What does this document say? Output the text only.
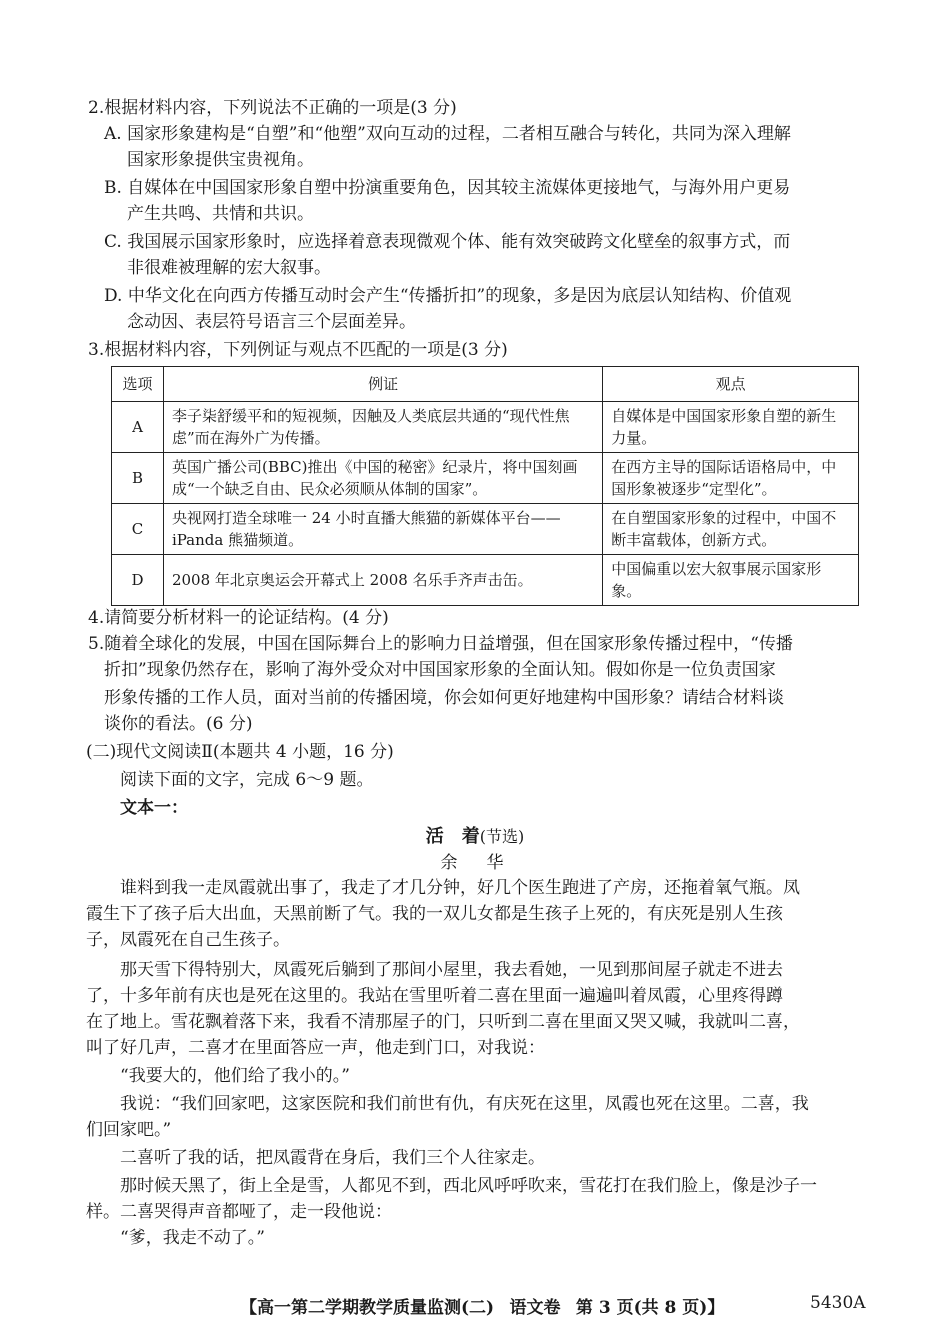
2.根据材料内容，下列说法不正确的一项是(3 分)
A. 国家形象建构是“自塑”和“他塑”双向互动的过程，二者相互融合与转化，共同为深入理解
国家形象提供宝贵视角。
B. 自媒体在中国国家形象自塑中扮演重要角色，因其较主流媒体更接地气，与海外用户更易
产生共鸣、共情和共识。
C. 我国展示国家形象时，应选择着意表现微观个体、能有效突破跨文化壁垒的叙事方式，而
非很难被理解的宏大叙事。
D. 中华文化在向西方传播互动时会产生“传播折扣”的现象，多是因为底层认知结构、价值观
念动因、表层符号语言三个层面差异。
3.根据材料内容，下列例证与观点不匹配的一项是(3 分)
选项	例证	观点
A	李子柒舒缓平和的短视频，因触及人类底层共通的“现代性焦虑”而在海外广为传播。	自媒体是中国国家形象自塑的新生力量。
B	英国广播公司(BBC)推出《中国的秘密》纪录片，将中国刻画成“一个缺乏自由、民众必须顺从体制的国家”。	在西方主导的国际话语格局中，中国形象被逐步“定型化”。
C	央视网打造全球唯一 24 小时直播大熊猫的新媒体平台——iPanda 熊猫频道。	在自塑国家形象的过程中，中国不断丰富载体，创新方式。
D	2008 年北京奥运会开幕式上 2008 名乐手齐声击缶。	中国偏重以宏大叙事展示国家形象。
4.请简要分析材料一的论证结构。(4 分)
5.随着全球化的发展，中国在国际舞台上的影响力日益增强，但在国家形象传播过程中，“传播
折扣”现象仍然存在，影响了海外受众对中国国家形象的全面认知。假如你是一位负责国家
形象传播的工作人员，面对当前的传播困境，你会如何更好地建构中国形象？请结合材料谈
谈你的看法。(6 分)
(二)现代文阅读Ⅱ(本题共 4 小题，16 分)
阅读下面的文字，完成 6～9 题。
文本一：
活　着(节选)
余　华
谁料到我一走凤霞就出事了，我走了才几分钟，好几个医生跑进了产房，还拖着氧气瓶。凤
霞生下了孩子后大出血，天黑前断了气。我的一双儿女都是生孩子上死的，有庆死是别人生孩
子，凤霞死在自己生孩子。
那天雪下得特别大，凤霞死后躺到了那间小屋里，我去看她，一见到那间屋子就走不进去
了，十多年前有庆也是死在这里的。我站在雪里听着二喜在里面一遍遍叫着凤霞，心里疼得蹲
在了地上。雪花飘着落下来，我看不清那屋子的门，只听到二喜在里面又哭又喊，我就叫二喜，
叫了好几声，二喜才在里面答应一声，他走到门口，对我说：
“我要大的，他们给了我小的。”
我说：“我们回家吧，这家医院和我们前世有仇，有庆死在这里，凤霞也死在这里。二喜，我
们回家吧。”
二喜听了我的话，把凤霞背在身后，我们三个人往家走。
那时候天黑了，街上全是雪，人都见不到，西北风呼呼吹来，雪花打在我们脸上，像是沙子一
样。二喜哭得声音都哑了，走一段他说：
“爹，我走不动了。”
【高一第二学期教学质量监测(二) 语文卷 第 3 页(共 8 页)】	5430A
